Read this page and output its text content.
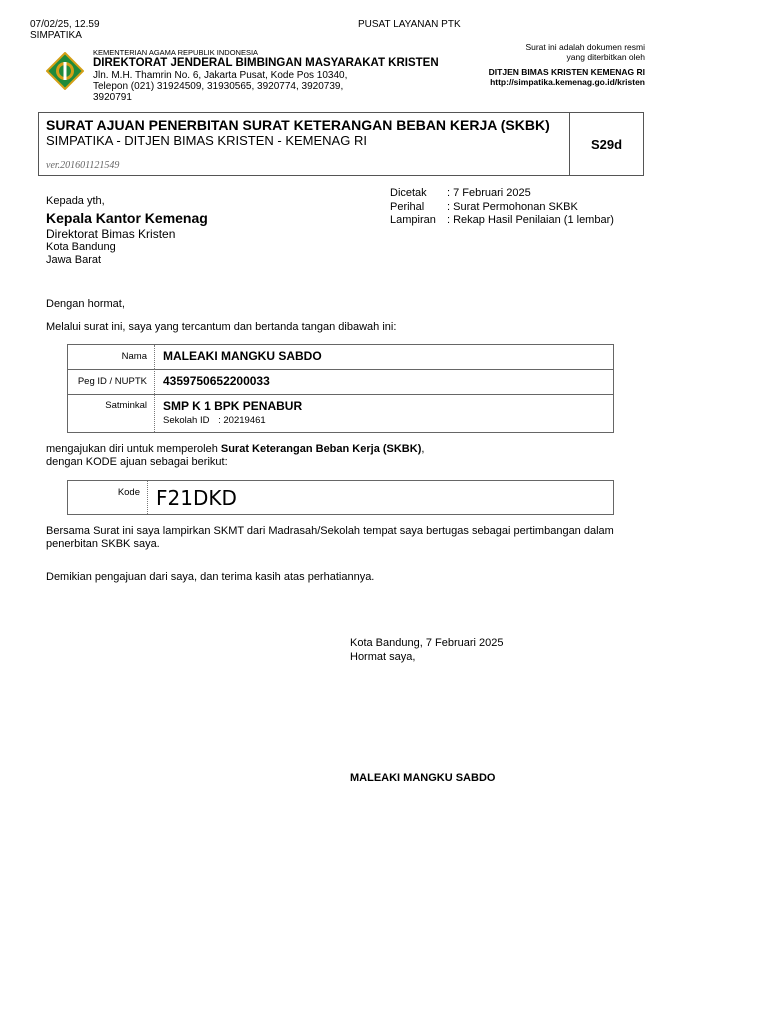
07/02/25, 12.59
SIMPATIKA
PUSAT LAYANAN PTK
KEMENTERIAN AGAMA REPUBLIK INDONESIA
DIREKTORAT JENDERAL BIMBINGAN MASYARAKAT KRISTEN
Jln. M.H. Thamrin No. 6, Jakarta Pusat, Kode Pos 10340,
Telepon (021) 31924509, 31930565, 3920774, 3920739,
3920791
Surat ini adalah dokumen resmi
yang diterbitkan oleh
DITJEN BIMAS KRISTEN KEMENAG RI
http://simpatika.kemenag.go.id/kristen
SURAT AJUAN PENERBITAN SURAT KETERANGAN BEBAN KERJA (SKBK)
SIMPATIKA - DITJEN BIMAS KRISTEN - KEMENAG RI
ver.201601121549
S29d
Kepada yth,
Kepala Kantor Kemenag
Direktorat Bimas Kristen
Kota Bandung
Jawa Barat
Dicetak	: 7 Februari 2025
Perihal	: Surat Permohonan SKBK
Lampiran	: Rekap Hasil Penilaian (1 lembar)
Dengan hormat,
Melalui surat ini, saya yang tercantum dan bertanda tangan dibawah ini:
Nama	MALEAKI MANGKU SABDO
Peg ID / NUPTK	4359750652200033
Satminkal	SMP K 1 BPK PENABUR
Sekolah ID : 20219461
mengajukan diri untuk memperoleh Surat Keterangan Beban Kerja (SKBK),
dengan KODE ajuan sebagai berikut:
Kode F21DKD
Bersama Surat ini saya lampirkan SKMT dari Madrasah/Sekolah tempat saya bertugas sebagai pertimbangan dalam penerbitan SKBK saya.
Demikian pengajuan dari saya, dan terima kasih atas perhatiannya.
Kota Bandung, 7 Februari 2025
Hormat saya,
MALEAKI MANGKU SABDO
